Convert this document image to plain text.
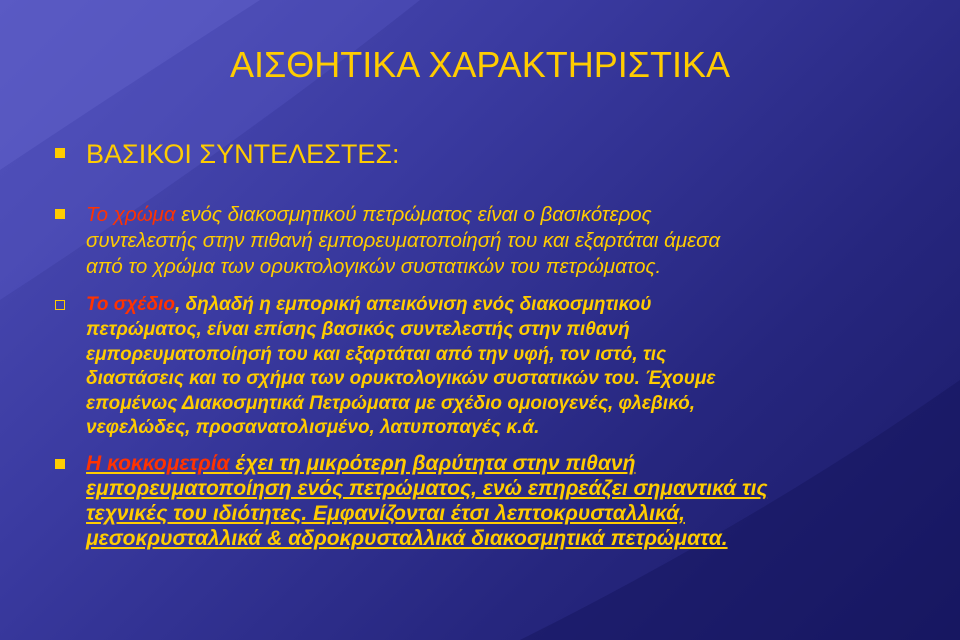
ΑΙΣΘΗΤΙΚΑ ΧΑΡΑΚΤΗΡΙΣΤΙΚΑ
ΒΑΣΙΚΟΙ ΣΥΝΤΕΛΕΣΤΕΣ:
Το χρώμα ενός διακοσμητικού πετρώματος είναι ο βασικότερος
συντελεστής στην πιθανή εμπορευματοποίησή του και εξαρτάται άμεσα
από το χρώμα των ορυκτολογικών συστατικών του πετρώματος.
Το σχέδιο, δηλαδή η εμπορική απεικόνιση ενός διακοσμητικού
πετρώματος, είναι επίσης βασικός συντελεστής στην πιθανή
εμπορευματοποίησή του και εξαρτάται από την υφή, τον ιστό, τις
διαστάσεις και το σχήμα των ορυκτολογικών συστατικών του. Έχουμε
επομένως Διακοσμητικά Πετρώματα με σχέδιο ομοιογενές, φλεβικό,
νεφελώδες, προσανατολισμένο, λατυποπαγές κ.ά.
Η κοκκομετρία έχει τη μικρότερη βαρύτητα στην πιθανή
εμπορευματοποίηση ενός πετρώματος, ενώ επηρεάζει σημαντικά τις
τεχνικές του ιδιότητες. Εμφανίζονται έτσι λεπτοκρυσταλλικά,
μεσοκρυσταλλικά & αδροκρυσταλλικά διακοσμητικά πετρώματα.
